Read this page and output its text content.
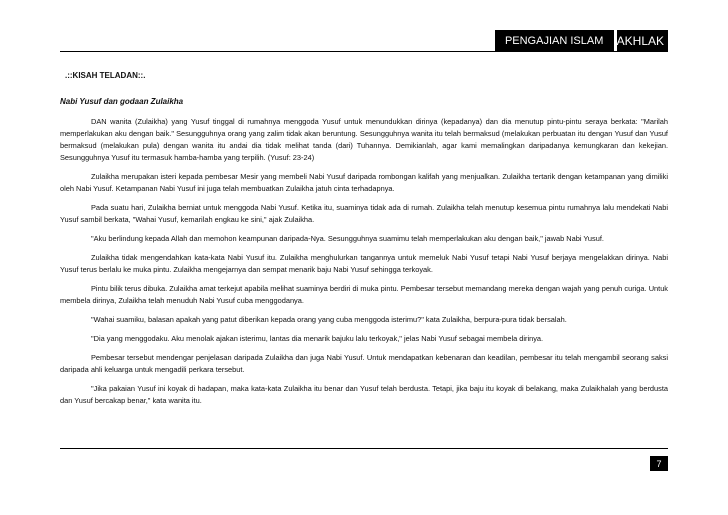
PENGAJIAN ISLAM	AKHLAK

.::KISAH TELADAN::.

Nabi Yusuf dan godaan Zulaikha

DAN wanita (Zulaikha) yang Yusuf tinggal di rumahnya menggoda Yusuf untuk menundukkan dirinya (kepadanya) dan dia menutup pintu-pintu seraya berkata: "Marilah memperlakukan aku dengan baik." Sesungguhnya orang yang zalim tidak akan beruntung. Sesungguhnya wanita itu telah bermaksud (melakukan perbuatan itu dengan Yusuf dan Yusuf bermaksud (melakukan pula) dengan wanita itu andai dia tidak melihat tanda (dari) Tuhannya. Demikianlah, agar kami memalingkan daripadanya kemungkaran dan kekejian. Sesungguhnya Yusuf itu termasuk hamba-hamba yang terpilih. (Yusuf: 23-24)

Zulaikha merupakan isteri kepada pembesar Mesir yang membeli Nabi Yusuf daripada rombongan kalifah yang menjualkan. Zulaikha tertarik dengan ketampanan yang dimiliki oleh Nabi Yusuf. Ketampanan Nabi Yusuf ini juga telah membuatkan Zulaikha jatuh cinta terhadapnya.

Pada suatu hari, Zulaikha berniat untuk menggoda Nabi Yusuf. Ketika itu, suaminya tidak ada di rumah. Zulaikha telah menutup kesemua pintu rumahnya lalu mendekati Nabi Yusuf sambil berkata, "Wahai Yusuf, kemarilah engkau ke sini," ajak Zulaikha.

"Aku berlindung kepada Allah dan memohon keampunan daripada-Nya. Sesungguhnya suamimu telah memperlakukan aku dengan baik," jawab Nabi Yusuf.

Zulaikha tidak mengendahkan kata-kata Nabi Yusuf itu. Zulaikha menghulurkan tangannya untuk memeluk Nabi Yusuf tetapi Nabi Yusuf berjaya mengelakkan dirinya. Nabi Yusuf terus berlalu ke muka pintu. Zulaikha mengejarnya dan sempat menarik baju Nabi Yusuf sehingga terkoyak.

Pintu bilik terus dibuka. Zulaikha amat terkejut apabila melihat suaminya berdiri di muka pintu. Pembesar tersebut memandang mereka dengan wajah yang penuh curiga. Untuk membela dirinya, Zulaikha telah menuduh Nabi Yusuf cuba menggodanya.

"Wahai suamiku, balasan apakah yang patut diberikan kepada orang yang cuba menggoda isterimu?" kata Zulaikha, berpura-pura tidak bersalah.

"Dia yang menggodaku. Aku menolak ajakan isterimu, lantas dia menarik bajuku lalu terkoyak," jelas Nabi Yusuf sebagai membela dirinya.

Pembesar tersebut mendengar penjelasan daripada Zulaikha dan juga Nabi Yusuf. Untuk mendapatkan kebenaran dan keadilan, pembesar itu telah mengambil seorang saksi daripada ahli keluarga untuk mengadili perkara tersebut.

"Jika pakaian Yusuf ini koyak di hadapan, maka kata-kata Zulaikha itu benar dan Yusuf telah berdusta. Tetapi, jika baju itu koyak di belakang, maka Zulaikhalah yang berdusta dan Yusuf bercakap benar," kata wanita itu.

7
